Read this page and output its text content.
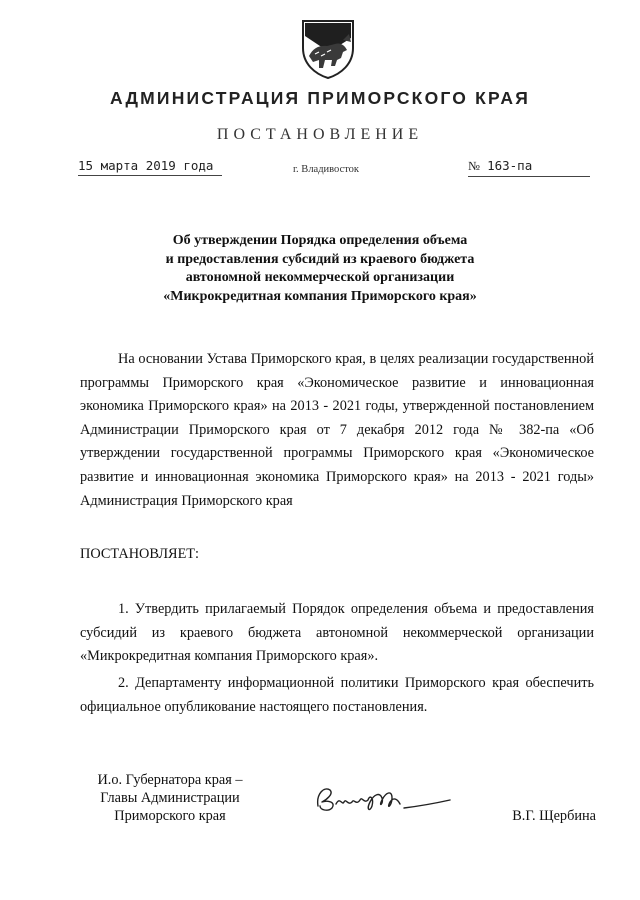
АДМИНИСТРАЦИЯ ПРИМОРСКОГО КРАЯ
ПОСТАНОВЛЕНИЕ
15 марта 2019 года	г. Владивосток	№ 163-па
Об утверждении Порядка определения объема
и предоставления субсидий из краевого бюджета
автономной некоммерческой организации
«Микрокредитная компания Приморского края»
На основании Устава Приморского края, в целях реализации государственной программы Приморского края «Экономическое развитие и инновационная экономика Приморского края» на 2013 - 2021 годы, утвержденной постановлением Администрации Приморского края от 7 декабря 2012 года № 382-па «Об утверждении государственной программы Приморского края «Экономическое развитие и инновационная экономика Приморского края» на 2013 - 2021 годы» Администрация Приморского края
ПОСТАНОВЛЯЕТ:
1. Утвердить прилагаемый Порядок определения объема и предоставления субсидий из краевого бюджета автономной некоммерческой организации «Микрокредитная компания Приморского края».
2. Департаменту информационной политики Приморского края обеспечить официальное опубликование настоящего постановления.
И.о. Губернатора края –
Главы Администрации
Приморского края	В.Г. Щербина
